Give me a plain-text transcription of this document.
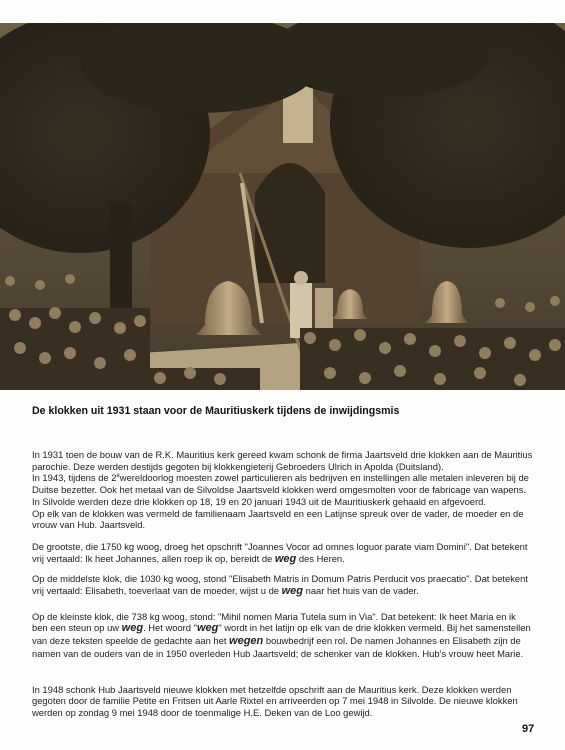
De klokken uit 1931 staan voor de Mauritiuskerk tijdens de inwijdingsmis

In 1931 toen de bouw van de R.K. Mauritius kerk gereed kwam schonk de firma Jaartsveld drie klokken aan de Mauritius

parochie. Deze werden destijds gegoten bij klokkengieterij Gebroeders Ulrich in Apolda (Duitsland).

In 1943, tijdens de 2ewereldoorlog moesten zowel particulieren als bedrijven en instellingen alle metalen inleveren bij de

Duitse bezetter. Ook het metaal van de Silvoldse Jaartsveld klokken werd omgesmolten voor de fabricage van wapens.

In Silvolde werden deze drie klokken op 18, 19 en 20 januari 1943 uit de Mauritiuskerk gehaald en afgevoerd.

Op elk van de klokken was vermeld de familienaam Jaartsveld en een Latijnse spreuk over de vader, de moeder en de

vrouw van Hub. Jaartsveld.

De grootste, die 1750 kg woog, droeg het opschrift "Joannes Vocor ad omnes loguor parate viam Domini". Dat betekent

vrij vertaald: Ik heet Johannes, allen roep ik op, bereidt de weg des Heren.

Op de middelste klok, die 1030 kg woog, stond "Elisabeth Matris in Domum Patris Perducit vos praecatio". Dat betekent

vrij vertaald: Elisabeth, toeverlaat van de moeder, wijst u de weg naar het huis van de vader.

Op de kleinste klok, die 738 kg woog, stond: "Mihil nomen Maria Tutela sum in Via". Dat betekent: Ik heet Maria en ik

ben een steun op uw weg. Het woord "weg" wordt in het latijn op elk van de drie klokken vermeld. Bij het samenstellen

van deze teksten speelde de gedachte aan het wegen bouwbedrijf een rol. De namen Johannes en Elisabeth zijn de

namen van de ouders van de in 1950 overleden Hub Jaartsveld; de schenker van de klokken. Hub's vrouw heet Marie.

In 1948 schonk Hub Jaartsveld nieuwe klokken met hetzelfde opschrift aan de Mauritius kerk. Deze klokken werden

gegoten door de familie Petite en Fritsen uit Aarle Rixtel en arriveerden op 7 mei 1948 in Silvolde. De nieuwe klokken

werden op zondag 9 mei 1948 door de toenmalige H.E. Deken van de Loo gewijd.

97
